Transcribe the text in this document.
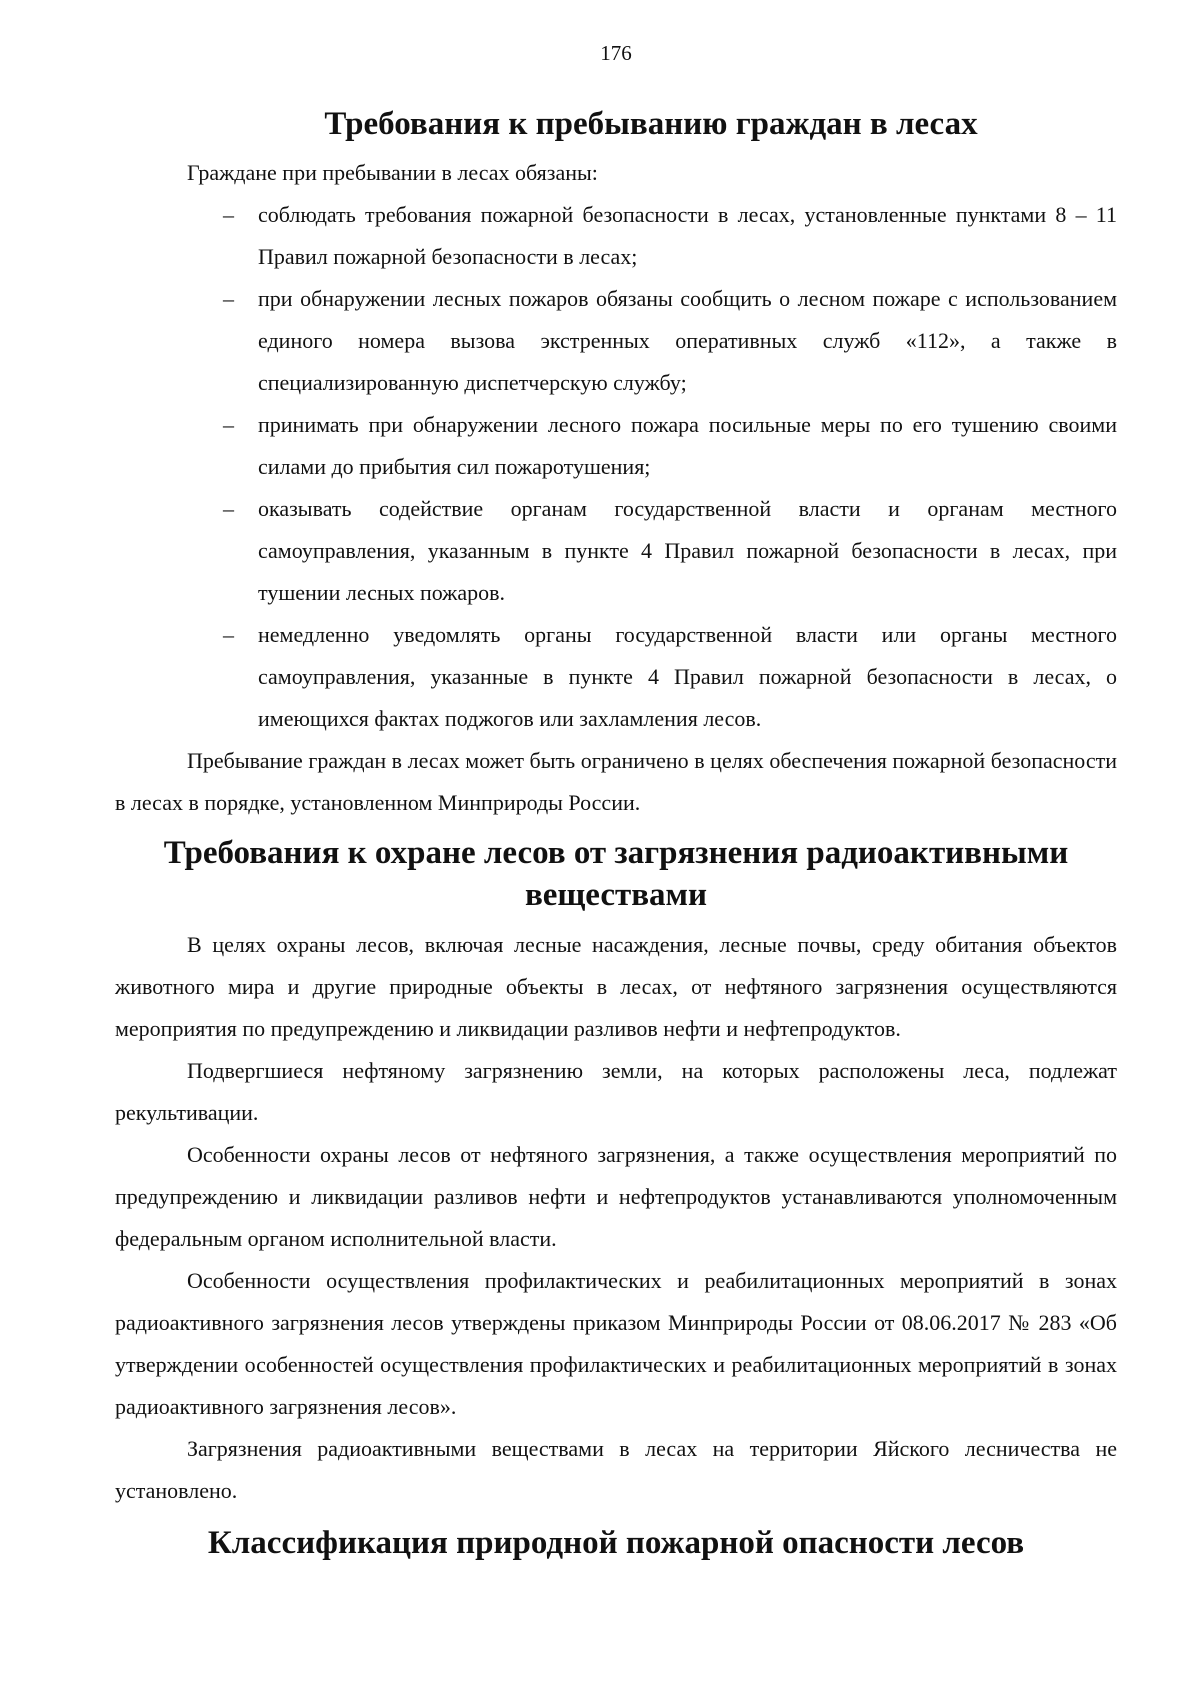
176
Требования к пребыванию граждан в лесах

Граждане при пребывании в лесах обязаны:

– соблюдать требования пожарной безопасности в лесах, установленные пунктами 8 – 11 Правил пожарной безопасности в лесах;
– при обнаружении лесных пожаров обязаны сообщить о лесном пожаре с использованием единого номера вызова экстренных оперативных служб «112», а также в специализированную диспетчерскую службу;
– принимать при обнаружении лесного пожара посильные меры по его тушению своими силами до прибытия сил пожаротушения;
– оказывать содействие органам государственной власти и органам местного самоуправления, указанным в пункте 4 Правил пожарной безопасности в лесах, при тушении лесных пожаров.
– немедленно уведомлять органы государственной власти или органы местного самоуправления, указанные в пункте 4 Правил пожарной безопасности в лесах, о имеющихся фактах поджогов или захламления лесов.

Пребывание граждан в лесах может быть ограничено в целях обеспечения пожарной безопасности в лесах в порядке, установленном Минприроды России.

Требования к охране лесов от загрязнения радиоактивными веществами

В целях охраны лесов, включая лесные насаждения, лесные почвы, среду обитания объектов животного мира и другие природные объекты в лесах, от нефтяного загрязнения осуществляются мероприятия по предупреждению и ликвидации разливов нефти и нефтепродуктов.

Подвергшиеся нефтяному загрязнению земли, на которых расположены леса, подлежат рекультивации.

Особенности охраны лесов от нефтяного загрязнения, а также осуществления мероприятий по предупреждению и ликвидации разливов нефти и нефтепродуктов устанавливаются уполномоченным федеральным органом исполнительной власти.

Особенности осуществления профилактических и реабилитационных мероприятий в зонах радиоактивного загрязнения лесов утверждены приказом Минприроды России от 08.06.2017 № 283 «Об утверждении особенностей осуществления профилактических и реабилитационных мероприятий в зонах радиоактивного загрязнения лесов».

Загрязнения радиоактивными веществами в лесах на территории Яйского лесничества не установлено.

Классификация природной пожарной опасности лесов
